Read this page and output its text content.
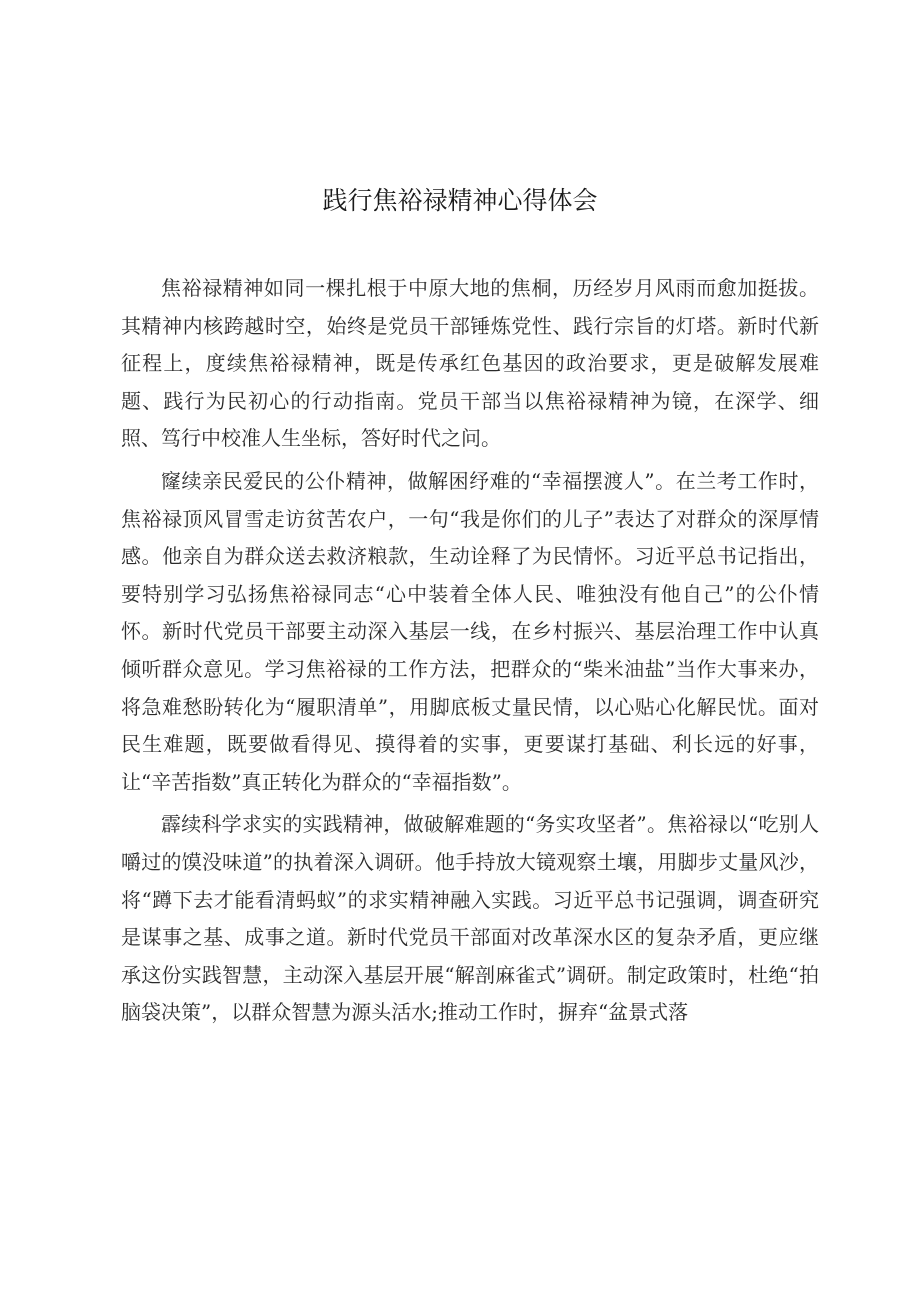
践行焦裕禄精神心得体会

焦裕禄精神如同一棵扎根于中原大地的焦桐，历经岁月风雨而愈加挺拔。其精神内核跨越时空，始终是党员干部锤炼党性、践行宗旨的灯塔。新时代新征程上，度续焦裕禄精神，既是传承红色基因的政治要求，更是破解发展难题、践行为民初心的行动指南。党员干部当以焦裕禄精神为镜，在深学、细照、笃行中校准人生坐标，答好时代之问。

窿续亲民爱民的公仆精神，做解困纾难的“幸福摆渡人”。在兰考工作时，焦裕禄顶风冒雪走访贫苦农户，一句“我是你们的儿子”表达了对群众的深厚情感。他亲自为群众送去救济粮款，生动诠释了为民情怀。习近平总书记指出，要特别学习弘扬焦裕禄同志“心中装着全体人民、唯独没有他自己”的公仆情怀。新时代党员干部要主动深入基层一线，在乡村振兴、基层治理工作中认真倾听群众意见。学习焦裕禄的工作方法，把群众的“柴米油盐”当作大事来办，将急难愁盼转化为“履职清单”，用脚底板丈量民情，以心贴心化解民忧。面对民生难题，既要做看得见、摸得着的实事，更要谋打基础、利长远的好事，让“辛苦指数”真正转化为群众的“幸福指数”。

霹续科学求实的实践精神，做破解难题的“务实攻坚者”。焦裕禄以“吃别人嚼过的馍没味道”的执着深入调研。他手持放大镜观察土壤，用脚步丈量风沙，将“蹲下去才能看清蚂蚁”的求实精神融入实践。习近平总书记强调，调查研究是谋事之基、成事之道。新时代党员干部面对改革深水区的复杂矛盾，更应继承这份实践智慧，主动深入基层开展“解剖麻雀式”调研。制定政策时，杜绝“拍脑袋决策”，以群众智慧为源头活水;推动工作时，摒弃“盆景式落
